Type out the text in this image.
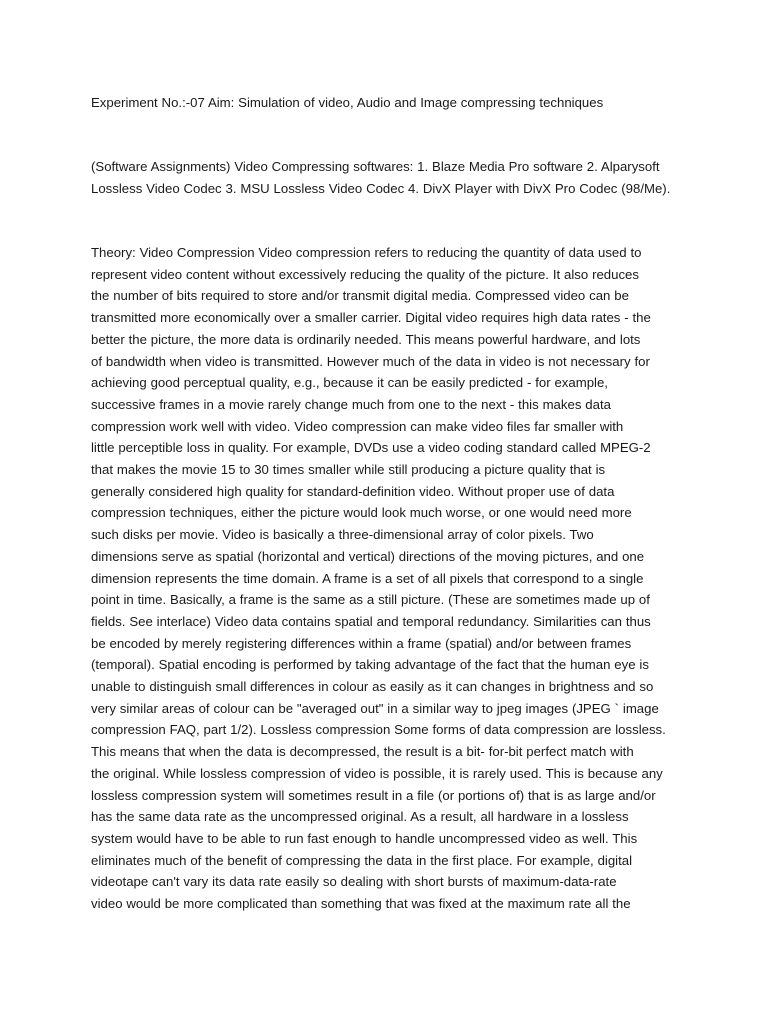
Experiment No.:-07 Aim: Simulation of video, Audio and Image compressing techniques
(Software Assignments) Video Compressing softwares: 1. Blaze Media Pro software 2. Alparysoft
Lossless Video Codec 3. MSU Lossless Video Codec 4. DivX Player with DivX Pro Codec (98/Me).
Theory: Video Compression Video compression refers to reducing the quantity of data used to
represent video content without excessively reducing the quality of the picture. It also reduces
the number of bits required to store and/or transmit digital media. Compressed video can be
transmitted more economically over a smaller carrier. Digital video requires high data rates - the
better the picture, the more data is ordinarily needed. This means powerful hardware, and lots
of bandwidth when video is transmitted. However much of the data in video is not necessary for
achieving good perceptual quality, e.g., because it can be easily predicted - for example,
successive frames in a movie rarely change much from one to the next - this makes data
compression work well with video. Video compression can make video files far smaller with
little perceptible loss in quality. For example, DVDs use a video coding standard called MPEG-2
that makes the movie 15 to 30 times smaller while still producing a picture quality that is
generally considered high quality for standard-definition video. Without proper use of data
compression techniques, either the picture would look much worse, or one would need more
such disks per movie. Video is basically a three-dimensional array of color pixels. Two
dimensions serve as spatial (horizontal and vertical) directions of the moving pictures, and one
dimension represents the time domain. A frame is a set of all pixels that correspond to a single
point in time. Basically, a frame is the same as a still picture. (These are sometimes made up of
fields. See interlace) Video data contains spatial and temporal redundancy. Similarities can thus
be encoded by merely registering differences within a frame (spatial) and/or between frames
(temporal). Spatial encoding is performed by taking advantage of the fact that the human eye is
unable to distinguish small differences in colour as easily as it can changes in brightness and so
very similar areas of colour can be "averaged out" in a similar way to jpeg images (JPEG ` image
compression FAQ, part 1/2). Lossless compression Some forms of data compression are lossless.
This means that when the data is decompressed, the result is a bit- for-bit perfect match with
the original. While lossless compression of video is possible, it is rarely used. This is because any
lossless compression system will sometimes result in a file (or portions of) that is as large and/or
has the same data rate as the uncompressed original. As a result, all hardware in a lossless
system would have to be able to run fast enough to handle uncompressed video as well. This
eliminates much of the benefit of compressing the data in the first place. For example, digital
videotape can't vary its data rate easily so dealing with short bursts of maximum-data-rate
video would be more complicated than something that was fixed at the maximum rate all the
